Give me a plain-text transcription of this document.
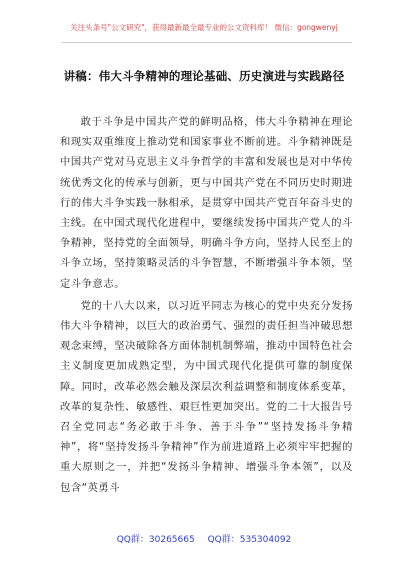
关注头条号"公文研究"，获得最新最全最专业的公文资料库！ 微信：gongwenyj
讲稿：伟大斗争精神的理论基础、历史演进与实践路径

敢于斗争是中国共产党的鲜明品格，伟大斗争精神在理论和现实双重维度上推动党和国家事业不断前进。斗争精神既是中国共产党对马克思主义斗争哲学的丰富和发展也是对中华传统优秀文化的传承与创新，更与中国共产党在不同历史时期进行的伟大斗争实践一脉相承，是贯穿中国共产党百年奋斗史的主线。在中国式现代化进程中，要继续发扬中国共产党人的斗争精神，坚持党的全面领导，明确斗争方向，坚持人民至上的斗争立场，坚持策略灵活的斗争智慧，不断增强斗争本领，坚定斗争意志。

党的十八大以来，以习近平同志为核心的党中央充分发扬伟大斗争精神，以巨大的政治勇气、强烈的责任担当冲破思想观念束缚，坚决破除各方面体制机制弊端，推动中国特色社会主义制度更加成熟定型，为中国式现代化提供可靠的制度保障。同时，改革必然会触及深层次利益调整和制度体系变革，改革的复杂性、敏感性、艰巨性更加突出。党的二十大报告号召全党同志“务必敢于斗争、善于斗争”“坚持发扬斗争精神”，将“坚持发扬斗争精神”作为前进道路上必须牢牢把握的重大原则之一，并把“发扬斗争精神、增强斗争本领”，以及包含“英勇斗

QQ群：30265665 QQ群：535304092
